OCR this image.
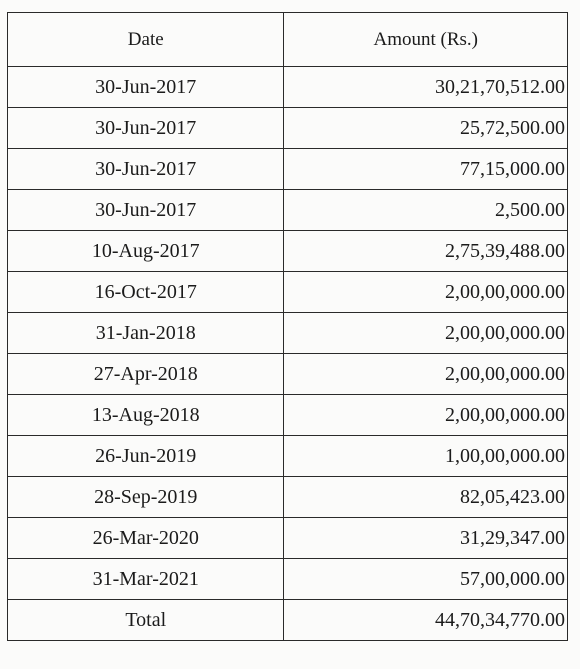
Date	Amount (Rs.)
30-Jun-2017	30,21,70,512.00
30-Jun-2017	25,72,500.00
30-Jun-2017	77,15,000.00
30-Jun-2017	2,500.00
10-Aug-2017	2,75,39,488.00
16-Oct-2017	2,00,00,000.00
31-Jan-2018	2,00,00,000.00
27-Apr-2018	2,00,00,000.00
13-Aug-2018	2,00,00,000.00
26-Jun-2019	1,00,00,000.00
28-Sep-2019	82,05,423.00
26-Mar-2020	31,29,347.00
31-Mar-2021	57,00,000.00
Total	44,70,34,770.00
